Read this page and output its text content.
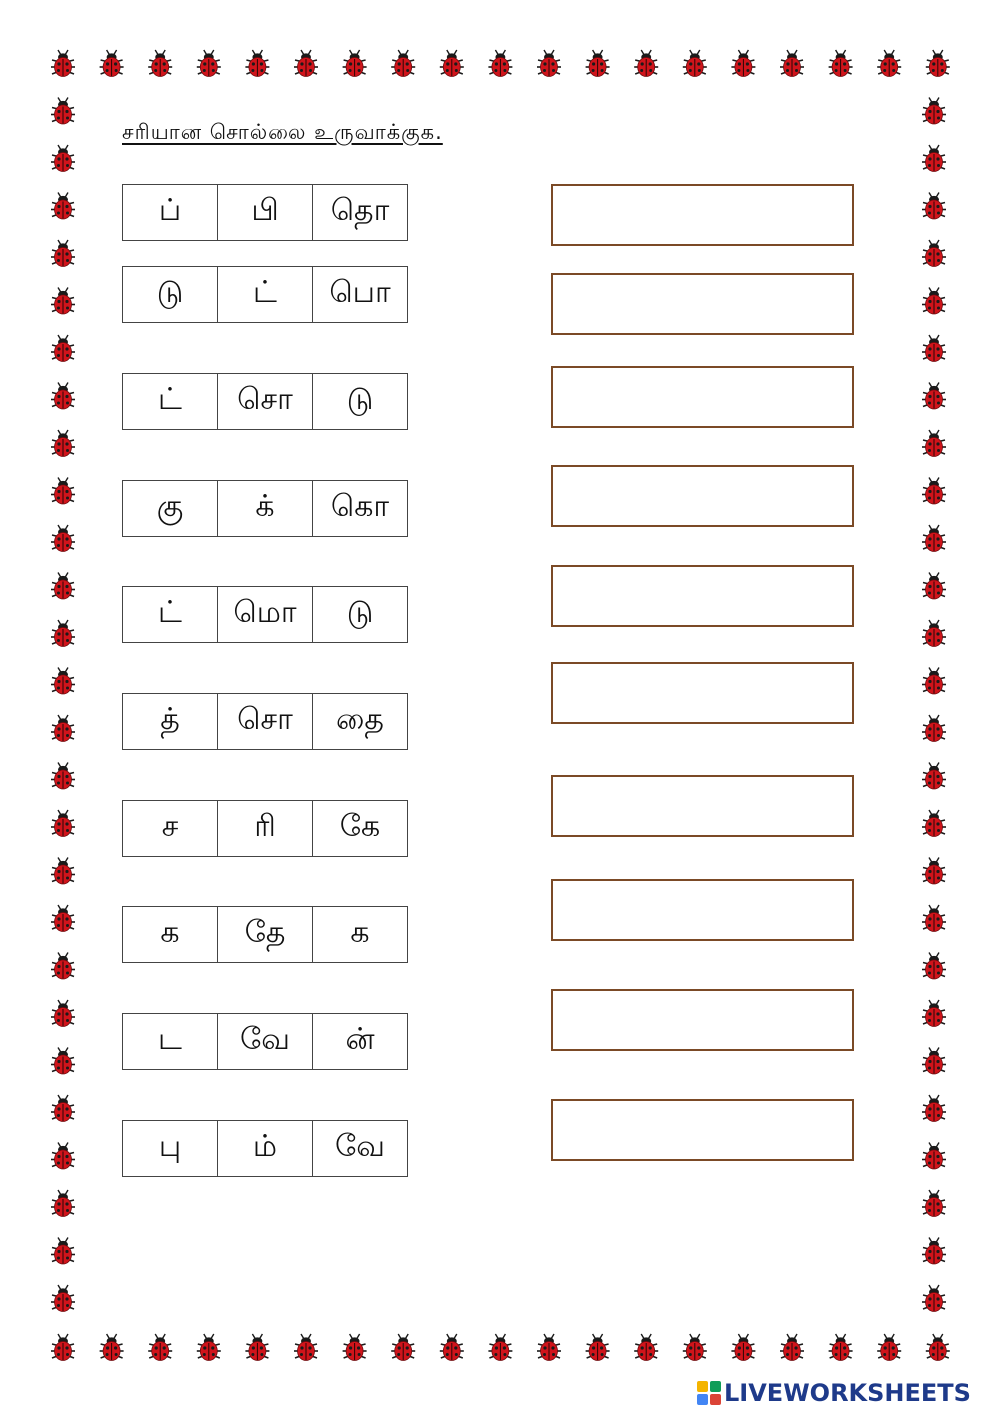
சரியான சொல்லை உருவாக்குக.
ப்	பி	தொ
டு	ட்	பொ
ட்	சொ	டு
கு	க்	கொ
ட்	மொ	டு
த்	சொ	தை
ச	ரி	கே
க	தே	க
ட	வே	ன்
பு	ம்	வே
LIVEWORKSHEETS
